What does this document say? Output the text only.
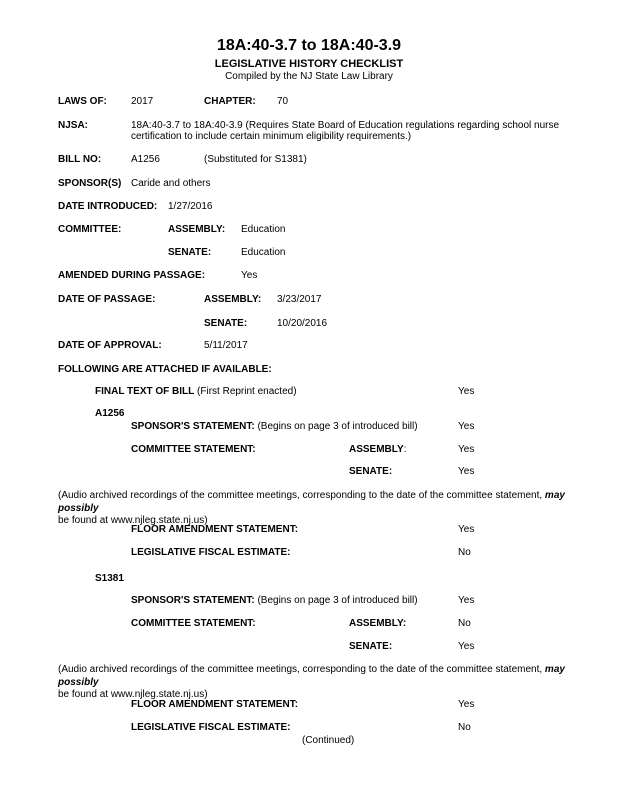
18A:40-3.7 to 18A:40-3.9
LEGISLATIVE HISTORY CHECKLIST
Compiled by the NJ State Law Library
LAWS OF: 2017	CHAPTER: 70
NJSA:	18A:40-3.7 to 18A:40-3.9 (Requires State Board of Education regulations regarding school nurse
certification to include certain minimum eligibility requirements.)
BILL NO:	A1256	(Substituted for S1381)
SPONSOR(S) Caride and others
DATE INTRODUCED: 1/27/2016
COMMITTEE:	ASSEMBLY: Education
SENATE:	Education
AMENDED DURING PASSAGE:	Yes
DATE OF PASSAGE:	ASSEMBLY: 3/23/2017
SENATE:	10/20/2016
DATE OF APPROVAL:	5/11/2017
FOLLOWING ARE ATTACHED IF AVAILABLE:
FINAL TEXT OF BILL (First Reprint enacted)	Yes
A1256
SPONSOR'S STATEMENT: (Begins on page 3 of introduced bill)	Yes
COMMITTEE STATEMENT:	ASSEMBLY:	Yes
SENATE:	Yes
(Audio archived recordings of the committee meetings, corresponding to the date of the committee statement, may possibly
be found at www.njleg.state.nj.us)
FLOOR AMENDMENT STATEMENT:	Yes
LEGISLATIVE FISCAL ESTIMATE:	No
S1381
SPONSOR'S STATEMENT: (Begins on page 3 of introduced bill)	Yes
COMMITTEE STATEMENT:	ASSEMBLY:	No
SENATE:	Yes
(Audio archived recordings of the committee meetings, corresponding to the date of the committee statement, may possibly
be found at www.njleg.state.nj.us)
FLOOR AMENDMENT STATEMENT:	Yes
LEGISLATIVE FISCAL ESTIMATE:	No
(Continued)
